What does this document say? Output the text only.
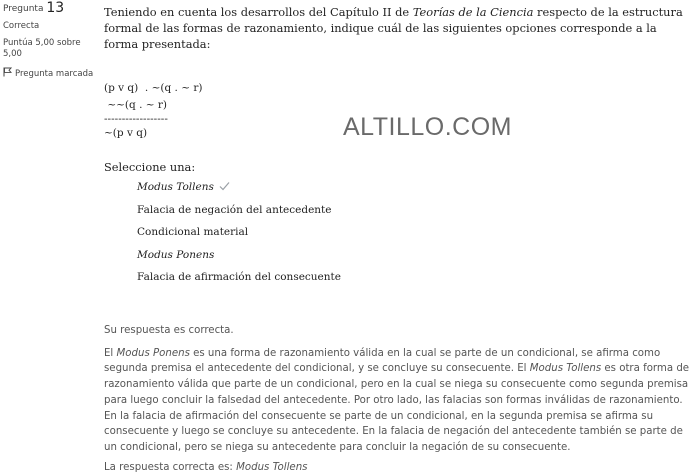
Pregunta 13
Correcta
Puntúa 5,00 sobre 5,00
Pregunta marcada

Teniendo en cuenta los desarrollos del Capítulo II de Teorías de la Ciencia respecto de la estructura formal de las formas de razonamiento, indique cuál de las siguientes opciones corresponde a la forma presentada:

(p v q)  . ~(q . ~ r)
~~(q . ~ r)
------------------
~(p v q)
Seleccione una:
Modus Tollens
Falacia de negación del antecedente
Condicional material
Modus Ponens
Falacia de afirmación del consecuente

Su respuesta es correcta.

El Modus Ponens es una forma de razonamiento válida en la cual se parte de un condicional, se afirma como segunda premisa el antecedente del condicional, y se concluye su consecuente. El Modus Tollens es otra forma de razonamiento válida que parte de un condicional, pero en la cual se niega su consecuente como segunda premisa para luego concluir la falsedad del antecedente. Por otro lado, las falacias son formas inválidas de razonamiento. En la falacia de afirmación del consecuente se parte de un condicional, en la segunda premisa se afirma su consecuente y luego se concluye su antecedente. En la falacia de negación del antecedente también se parte de un condicional, pero se niega su antecedente para concluir la negación de su consecuente.

La respuesta correcta es: Modus Tollens

ALTILLO.COM
